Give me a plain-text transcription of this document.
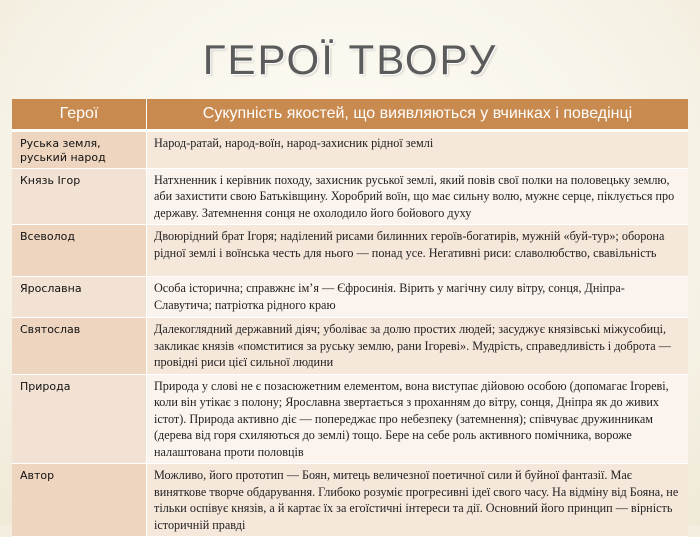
ГЕРОЇ ТВОРУ
Герої	Сукупність якостей, що виявляються у вчинках і поведінці
Руська земля, руський народ	Народ-ратай, народ-воїн, народ-захисник рідної землі
Князь Ігор	Натхненник і керівник походу, захисник руської землі, який повів свої полки на половецьку землю, аби захистити свою Батьківщину. Хоробрий воїн, що має сильну волю, мужнє серце, піклується про державу. Затемнення сонця не охолодило його бойового духу
Всеволод	Двоюрідний брат Ігоря; наділений рисами билинних героїв-богатирів, мужній «буй-тур»; оборона рідної землі і воїнська честь для нього — понад усе. Негативні риси: славолюбство, свавільність
Ярославна	Особа історична; справжнє ім’я — Єфросинія. Вірить у магічну силу вітру, сонця, Дніпра-Славутича; патріотка рідного краю
Святослав	Далекоглядний державний діяч; уболіває за долю простих людей; засуджує князівські міжусобиці, закликає князів «помститися за руську землю, рани Ігореві». Мудрість, справедливість і доброта — провідні риси цієї сильної людини
Природа	Природа у слові не є позасюжетним елементом, вона виступає дійовою особою (допомагає Ігореві, коли він утікає з полону; Ярославна звертається з проханням до вітру, сонця, Дніпра як до живих істот). Природа активно діє — попереджає про небезпеку (затемнення); співчуває дружинникам (дерева від горя схиляються до землі) тощо. Бере на себе роль активного помічника, вороже налаштована проти половців
Автор	Можливо, його прототип — Боян, митець величезної поетичної сили й буйної фантазії. Має винятковe творче обдарування. Глибоко розуміє прогресивні ідеї свого часу. На відміну від Бояна, не тільки оспівує князів, а й картає їх за егоїстичні інтереси та дії. Основний його принцип — вірність історичній правді
